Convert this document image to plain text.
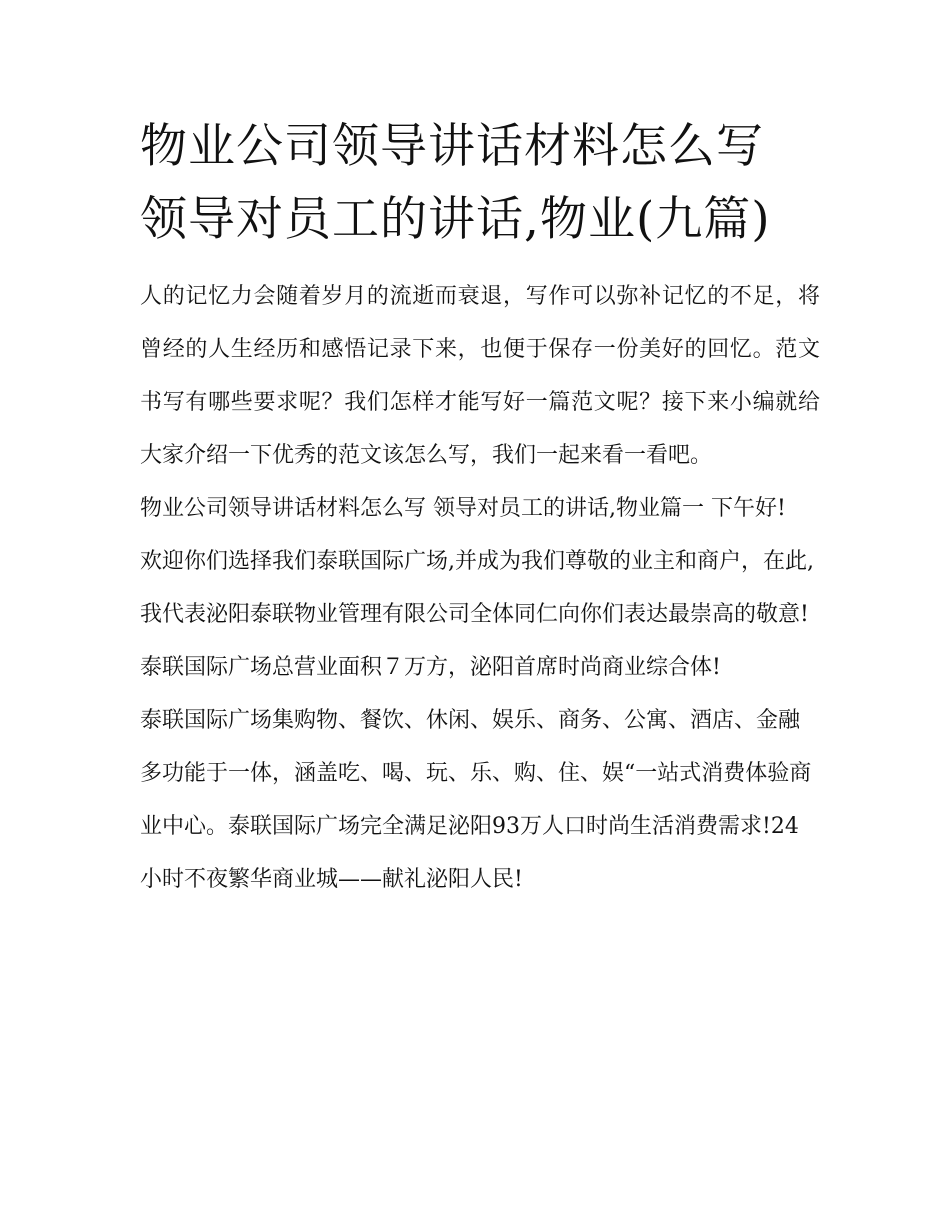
物业公司领导讲话材料怎么写
领导对员工的讲话,物业(九篇)

人的记忆力会随着岁月的流逝而衰退，写作可以弥补记忆的不足，将曾经的人生经历和感悟记录下来，也便于保存一份美好的回忆。范文书写有哪些要求呢？我们怎样才能写好一篇范文呢？接下来小编就给大家介绍一下优秀的范文该怎么写，我们一起来看一看吧。

物业公司领导讲话材料怎么写 领导对员工的讲话,物业篇一 下午好!

欢迎你们选择我们泰联国际广场,并成为我们尊敬的业主和商户，在此,我代表泌阳泰联物业管理有限公司全体同仁向你们表达最崇高的敬意!

泰联国际广场总营业面积７万方，泌阳首席时尚商业综合体!

泰联国际广场集购物、餐饮、休闲、娱乐、商务、公寓、酒店、金融多功能于一体，涵盖吃、喝、玩、乐、购、住、娱“一站式消费体验商业中心。泰联国际广场完全满足泌阳93万人口时尚生活消费需求!24小时不夜繁华商业城——献礼泌阳人民!
